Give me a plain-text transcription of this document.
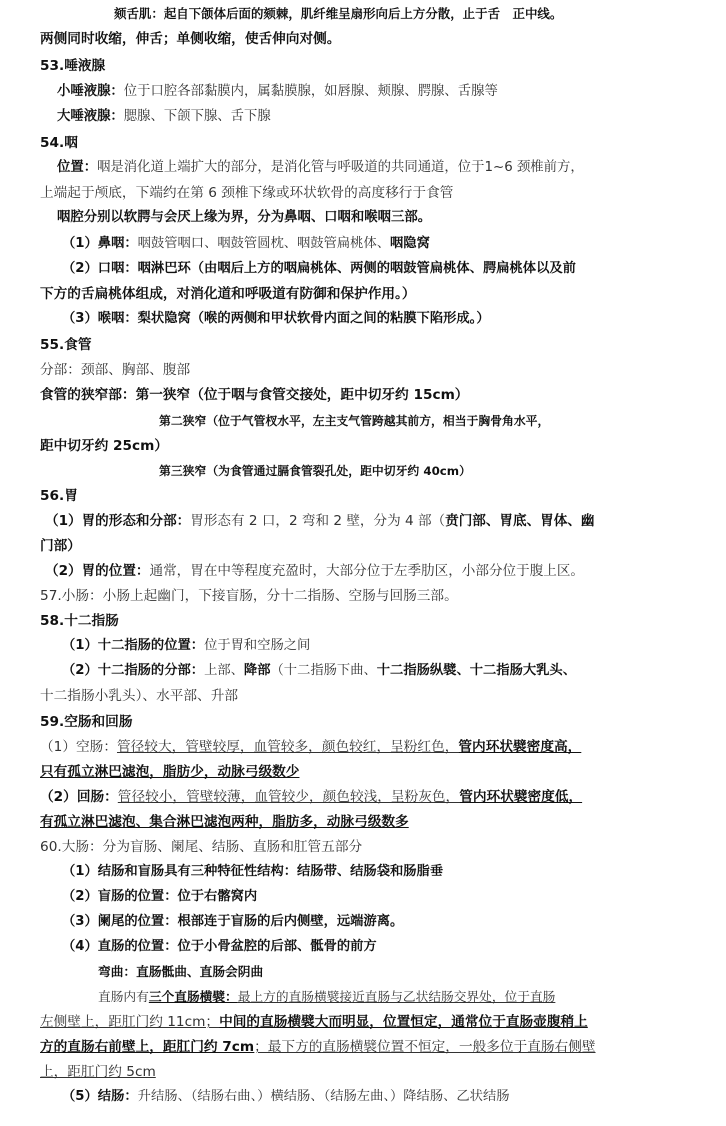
颏舌肌：起自下颌体后面的颏棘，肌纤维呈扇形向后上方分散，止于舌　正中线。
两侧同时收缩，伸舌；单侧收缩，使舌伸向对侧。
53.唾液腺
小唾液腺：位于口腔各部黏膜内，属黏膜腺，如唇腺、颊腺、腭腺、舌腺等
大唾液腺：腮腺、下颌下腺、舌下腺
54.咽
位置：咽是消化道上端扩大的部分，是消化管与呼吸道的共同通道，位于1~6 颈椎前方，
上端起于颅底，下端约在第 6 颈椎下缘或环状软骨的高度移行于食管
咽腔分别以软腭与会厌上缘为界，分为鼻咽、口咽和喉咽三部。
（1）鼻咽：咽鼓管咽口、咽鼓管圆枕、咽鼓管扁桃体、咽隐窝
（2）口咽：咽淋巴环（由咽后上方的咽扁桃体、两侧的咽鼓管扁桃体、腭扁桃体以及前
下方的舌扁桃体组成，对消化道和呼吸道有防御和保护作用。）
（3）喉咽：梨状隐窝（喉的两侧和甲状软骨内面之间的粘膜下陷形成。）
55.食管
分部：颈部、胸部、腹部
食管的狭窄部：第一狭窄（位于咽与食管交接处，距中切牙约 15cm）
第二狭窄（位于气管杈水平，左主支气管跨越其前方，相当于胸骨角水平，
距中切牙约 25cm）
第三狭窄（为食管通过膈食管裂孔处，距中切牙约 40cm）
56.胃
（1）胃的形态和分部：胃形态有 2 口，2 弯和 2 壁，分为 4 部（贲门部、胃底、胃体、幽
门部）
（2）胃的位置：通常，胃在中等程度充盈时，大部分位于左季肋区，小部分位于腹上区。
57.小肠：小肠上起幽门，下接盲肠，分十二指肠、空肠与回肠三部。
58.十二指肠
（1）十二指肠的位置：位于胃和空肠之间
（2）十二指肠的分部：上部、降部（十二指肠下曲、十二指肠纵襞、十二指肠大乳头、
十二指肠小乳头）、水平部、升部
59.空肠和回肠
（1）空肠：管径较大，管壁较厚，血管较多，颜色较红，呈粉红色，管内环状襞密度高，
只有孤立淋巴滤泡，脂肪少，动脉弓级数少
（2）回肠：管径较小，管壁较薄，血管较少，颜色较浅，呈粉灰色，管内环状襞密度低，
有孤立淋巴滤泡、集合淋巴滤泡两种，脂肪多，动脉弓级数多
60.大肠：分为盲肠、阑尾、结肠、直肠和肛管五部分
（1）结肠和盲肠具有三种特征性结构：结肠带、结肠袋和肠脂垂
（2）盲肠的位置：位于右髂窝内
（3）阑尾的位置：根部连于盲肠的后内侧壁，远端游离。
（4）直肠的位置：位于小骨盆腔的后部、骶骨的前方
弯曲：直肠骶曲、直肠会阴曲
直肠内有三个直肠横襞：最上方的直肠横襞接近直肠与乙状结肠交界处，位于直肠
左侧壁上，距肛门约 11cm；中间的直肠横襞大而明显，位置恒定，通常位于直肠壶腹稍上
方的直肠右前壁上，距肛门约 7cm；最下方的直肠横襞位置不恒定，一般多位于直肠右侧壁
上，距肛门约 5cm
（5）结肠：升结肠、（结肠右曲、）横结肠、（结肠左曲、）降结肠、乙状结肠
